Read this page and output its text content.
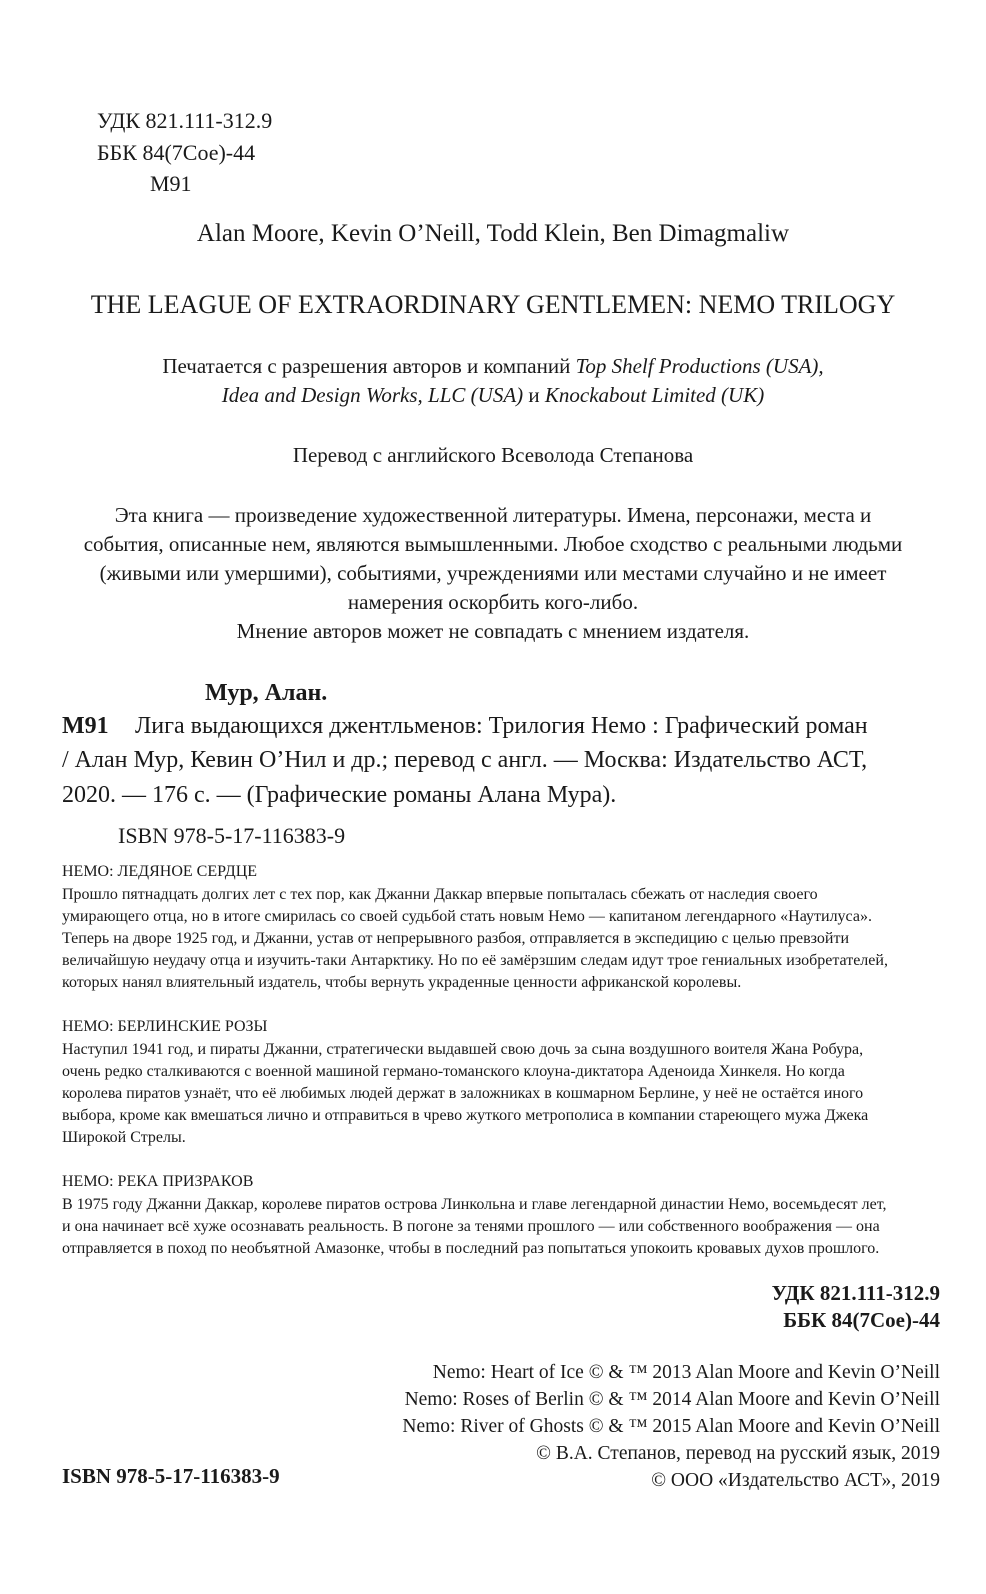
УДК 821.111-312.9
ББК 84(7Сое)-44
М91
Alan Moore, Kevin O’Neill, Todd Klein, Ben Dimagmaliw
THE LEAGUE OF EXTRAORDINARY GENTLEMEN: NEMO TRILOGY
Печатается с разрешения авторов и компаний Top Shelf Productions (USA),
Idea and Design Works, LLC (USA) и Knockabout Limited (UK)
Перевод с английского Всеволода Степанова
Эта книга — произведение художественной литературы. Имена, персонажи, места и
события, описанные нем, являются вымышленными. Любое сходство с реальными людьми
(живыми или умершими), событиями, учреждениями или местами случайно и не имеет
намерения оскорбить кого-либо.
Мнение авторов может не совпадать с мнением издателя.
Мур, Алан.
М91 Лига выдающихся джентльменов: Трилогия Немо : Графический роман
/ Алан Мур, Кевин О’Нил и др.; перевод с англ. — Москва: Издательство АСТ,
2020. — 176 с. — (Графические романы Алана Мура).
ISBN 978-5-17-116383-9
НЕМО: ЛЕДЯНОЕ СЕРДЦЕ
Прошло пятнадцать долгих лет с тех пор, как Джанни Даккар впервые попыталась сбежать от наследия своего
умирающего отца, но в итоге смирилась со своей судьбой стать новым Немо — капитаном легендарного «Наутилуса».
Теперь на дворе 1925 год, и Джанни, устав от непрерывного разбоя, отправляется в экспедицию с целью превзойти
величайшую неудачу отца и изучить-таки Антарктику. Но по её замёрзшим следам идут трое гениальных изобретателей,
которых нанял влиятельный издатель, чтобы вернуть украденные ценности африканской королевы.
НЕМО: БЕРЛИНСКИЕ РОЗЫ
Наступил 1941 год, и пираты Джанни, стратегически выдавшей свою дочь за сына воздушного воителя Жана Робура,
очень редко сталкиваются с военной машиной германо-томанского клоуна-диктатора Аденоида Хинкеля. Но когда
королева пиратов узнаёт, что её любимых людей держат в заложниках в кошмарном Берлине, у неё не остаётся иного
выбора, кроме как вмешаться лично и отправиться в чрево жуткого метрополиса в компании стареющего мужа Джека
Широкой Стрелы.
НЕМО: РЕКА ПРИЗРАКОВ
В 1975 году Джанни Даккар, королеве пиратов острова Линкольна и главе легендарной династии Немо, восемьдесят лет,
и она начинает всё хуже осознавать реальность. В погоне за тенями прошлого — или собственного воображения — она
отправляется в поход по необъятной Амазонке, чтобы в последний раз попытаться упокоить кровавых духов прошлого.
УДК 821.111-312.9
ББК 84(7Сое)-44
Nemo: Heart of Ice © & ™ 2013 Alan Moore and Kevin O’Neill
Nemo: Roses of Berlin © & ™ 2014 Alan Moore and Kevin O’Neill
Nemo: River of Ghosts © & ™ 2015 Alan Moore and Kevin O’Neill
© В.А. Степанов, перевод на русский язык, 2019
© ООО «Издательство АСТ», 2019
ISBN 978-5-17-116383-9
